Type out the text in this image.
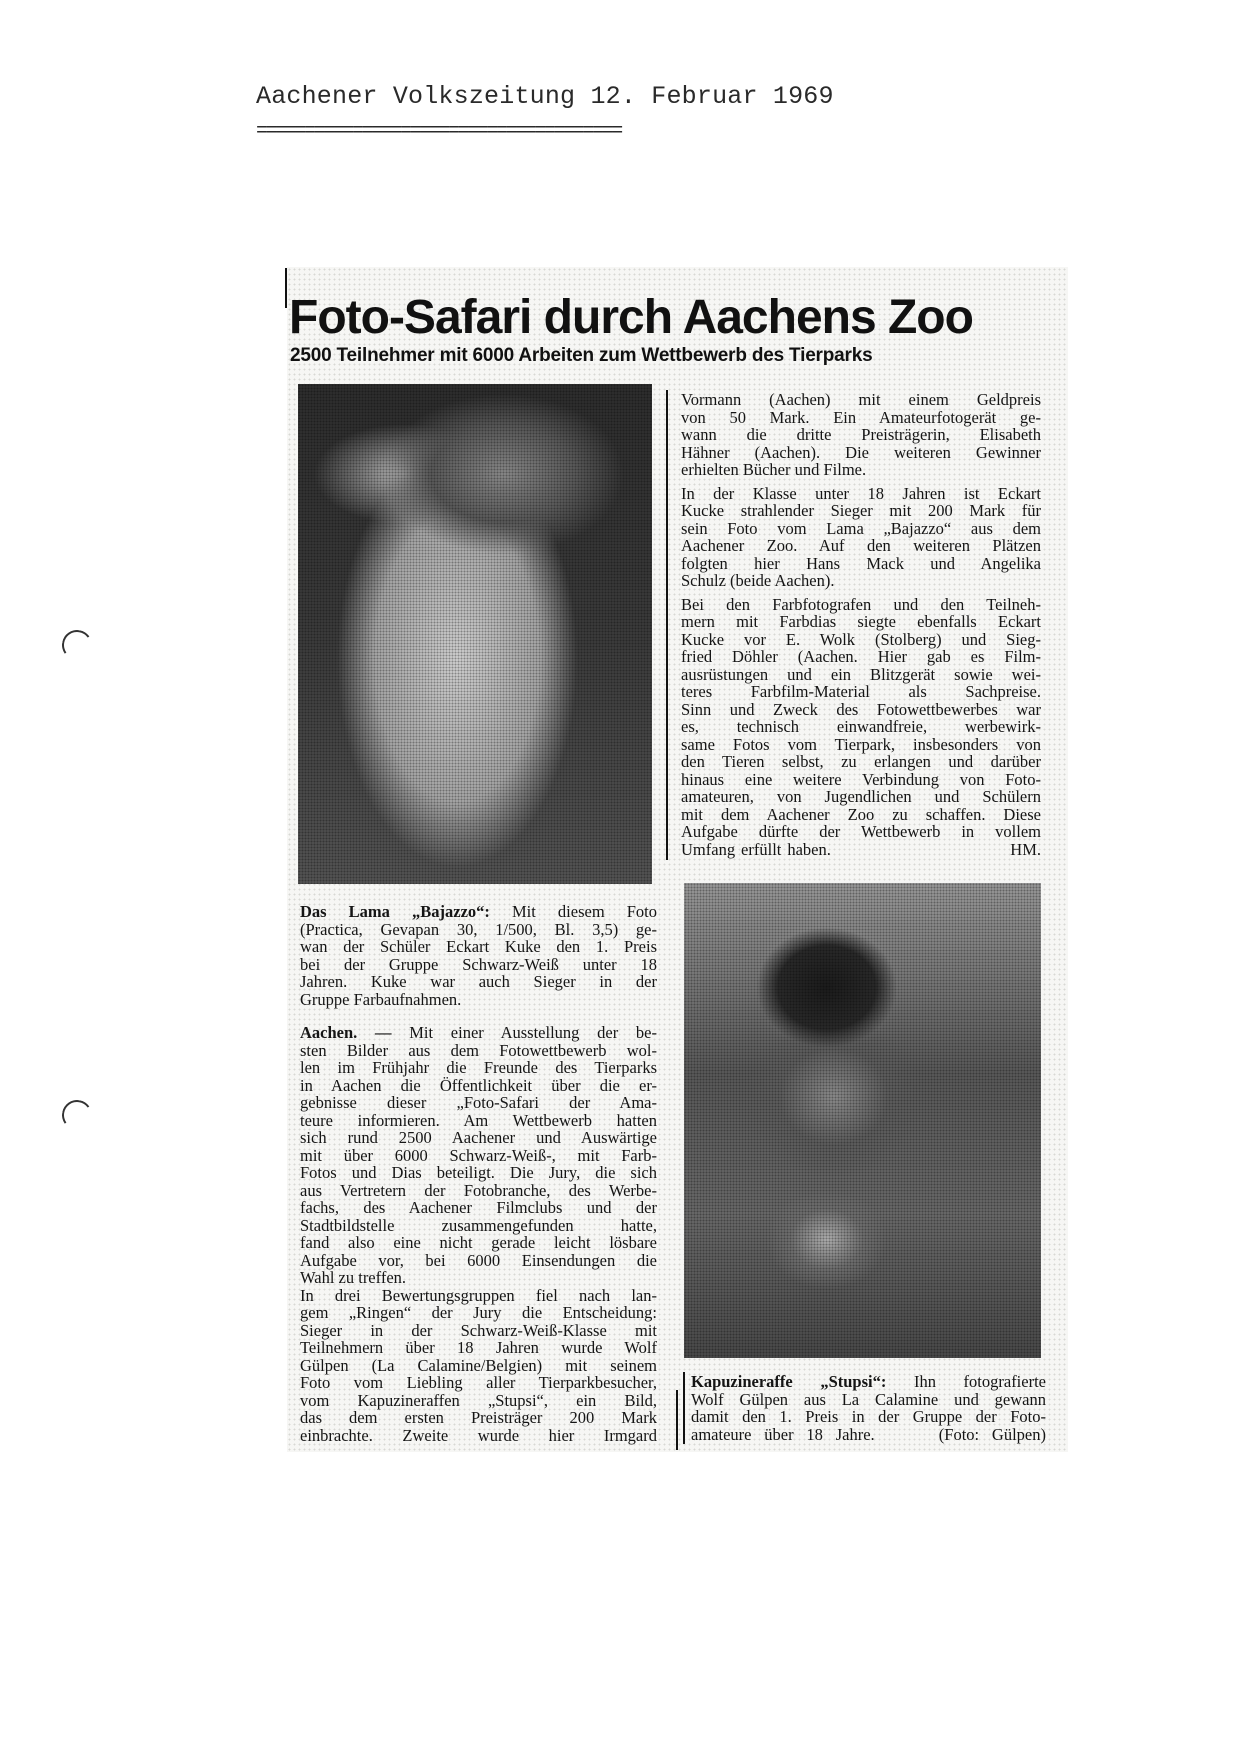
Aachener Volkszeitung 12. Februar 1969
======================================
Foto-Safari durch Aachens Zoo
2500 Teilnehmer mit 6000 Arbeiten zum Wettbewerb des Tierparks
Das Lama „Bajazzo“: Mit diesem Foto
(Practica, Gevapan 30, 1/500, Bl. 3,5) ge-
wan der Schüler Eckart Kuke den 1. Preis
bei der Gruppe Schwarz-Weiß unter 18
Jahren. Kuke war auch Sieger in der
Gruppe Farbaufnahmen.
Aachen. — Mit einer Ausstellung der be-
sten Bilder aus dem Fotowettbewerb wol-
len im Frühjahr die Freunde des Tierparks
in Aachen die Öffentlichkeit über die er-
gebnisse dieser „Foto-Safari der Ama-
teure informieren. Am Wettbewerb hatten
sich rund 2500 Aachener und Auswärtige
mit über 6000 Schwarz-Weiß-, mit Farb-
Fotos und Dias beteiligt. Die Jury, die sich
aus Vertretern der Fotobranche, des Werbe-
fachs, des Aachener Filmclubs und der
Stadtbildstelle zusammengefunden hatte,
fand also eine nicht gerade leicht lösbare
Aufgabe vor, bei 6000 Einsendungen die
Wahl zu treffen.
In drei Bewertungsgruppen fiel nach lan-
gem „Ringen“ der Jury die Entscheidung:
Sieger in der Schwarz-Weiß-Klasse mit
Teilnehmern über 18 Jahren wurde Wolf
Gülpen (La Calamine/Belgien) mit seinem
Foto vom Liebling aller Tierparkbesucher,
vom Kapuzineraffen „Stupsi“, ein Bild,
das dem ersten Preisträger 200 Mark
einbrachte. Zweite wurde hier Irmgard
Vormann (Aachen) mit einem Geldpreis
von 50 Mark. Ein Amateurfotogerät ge-
wann die dritte Preisträgerin, Elisabeth
Hähner (Aachen). Die weiteren Gewinner
erhielten Bücher und Filme.
In der Klasse unter 18 Jahren ist Eckart
Kucke strahlender Sieger mit 200 Mark für
sein Foto vom Lama „Bajazzo“ aus dem
Aachener Zoo. Auf den weiteren Plätzen
folgten hier Hans Mack und Angelika
Schulz (beide Aachen).
Bei den Farbfotografen und den Teilneh-
mern mit Farbdias siegte ebenfalls Eckart
Kucke vor E. Wolk (Stolberg) und Sieg-
fried Döhler (Aachen. Hier gab es Film-
ausrüstungen und ein Blitzgerät sowie wei-
teres Farbfilm-Material als Sachpreise.
Sinn und Zweck des Fotowettbewerbes war
es, technisch einwandfreie, werbewirk-
same Fotos vom Tierpark, insbesonders von
den Tieren selbst, zu erlangen und darüber
hinaus eine weitere Verbindung von Foto-
amateuren, von Jugendlichen und Schülern
mit dem Aachener Zoo zu schaffen. Diese
Aufgabe dürfte der Wettbewerb in vollem
Umfang erfüllt haben.                              HM.
Kapuzineraffe „Stupsi“: Ihn fotografierte
Wolf Gülpen aus La Calamine und gewann
damit den 1. Preis in der Gruppe der Foto-
amateure über 18 Jahre.     (Foto: Gülpen)
